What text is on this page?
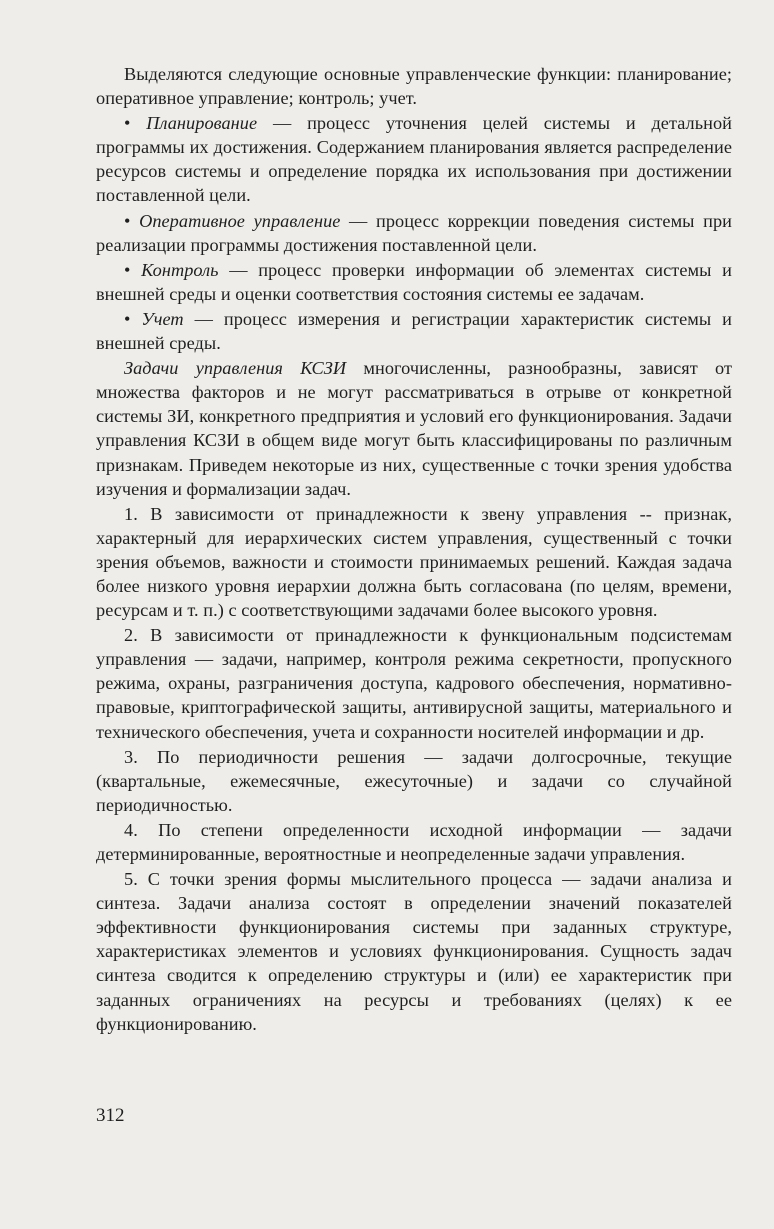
Выделяются следующие основные управленческие функции: планирование; оперативное управление; контроль; учет.

• Планирование — процесс уточнения целей системы и детальной программы их достижения. Содержанием планирования является распределение ресурсов системы и определение порядка их использования при достижении поставленной цели.

• Оперативное управление — процесс коррекции поведения системы при реализации программы достижения поставленной цели.

• Контроль — процесс проверки информации об элементах системы и внешней среды и оценки соответствия состояния системы ее задачам.

• Учет — процесс измерения и регистрации характеристик системы и внешней среды.

Задачи управления КСЗИ многочисленны, разнообразны, зависят от множества факторов и не могут рассматриваться в отрыве от конкретной системы ЗИ, конкретного предприятия и условий его функционирования. Задачи управления КСЗИ в общем виде могут быть классифицированы по различным признакам. Приведем некоторые из них, существенные с точки зрения удобства изучения и формализации задач.

1. В зависимости от принадлежности к звену управления -- признак, характерный для иерархических систем управления, существенный с точки зрения объемов, важности и стоимости принимаемых решений. Каждая задача более низкого уровня иерархии должна быть согласована (по целям, времени, ресурсам и т. п.) с соответствующими задачами более высокого уровня.

2. В зависимости от принадлежности к функциональным подсистемам управления — задачи, например, контроля режима секретности, пропускного режима, охраны, разграничения доступа, кадрового обеспечения, нормативно-правовые, криптографической защиты, антивирусной защиты, материального и технического обеспечения, учета и сохранности носителей информации и др.

3. По периодичности решения — задачи долгосрочные, текущие (квартальные, ежемесячные, ежесуточные) и задачи со случайной периодичностью.

4. По степени определенности исходной информации — задачи детерминированные, вероятностные и неопределенные задачи управления.

5. С точки зрения формы мыслительного процесса — задачи анализа и синтеза. Задачи анализа состоят в определении значений показателей эффективности функционирования системы при заданных структуре, характеристиках элементов и условиях функционирования. Сущность задач синтеза сводится к определению структуры и (или) ее характеристик при заданных ограничениях на ресурсы и требованиях (целях) к ее функционированию.

312
